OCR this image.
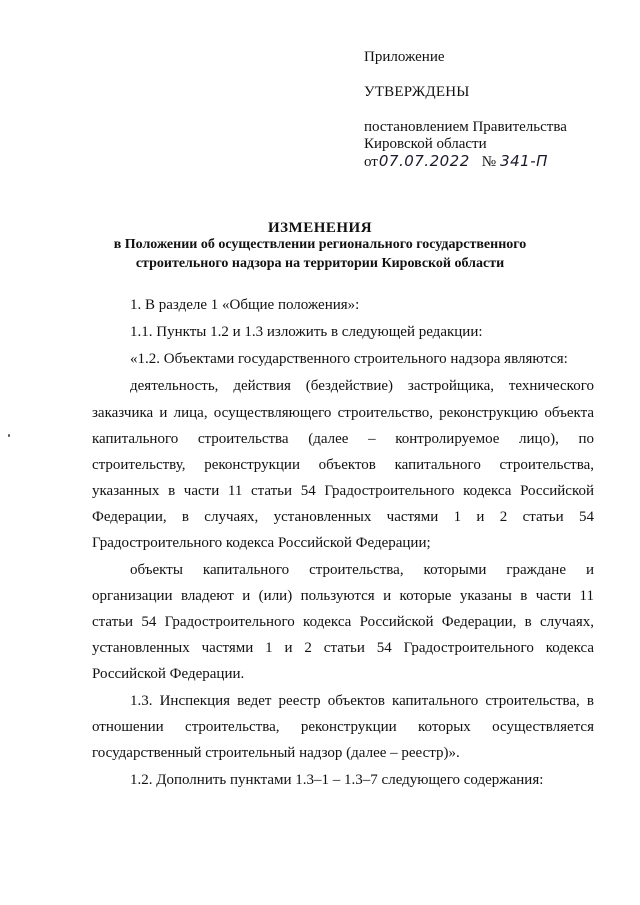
Приложение
УТВЕРЖДЕНЫ
постановлением Правительства
Кировской области
от 07.07.2022 № 341-П
ИЗМЕНЕНИЯ
в Положении об осуществлении регионального государственного
строительного надзора на территории Кировской области
1. В разделе 1 «Общие положения»:
1.1. Пункты 1.2 и 1.3 изложить в следующей редакции:
«1.2. Объектами государственного строительного надзора являются:
деятельность, действия (бездействие) застройщика, технического
заказчика и лица, осуществляющего строительство, реконструкцию объекта
капитального строительства (далее – контролируемое лицо), по
строительству, реконструкции объектов капитального строительства,
указанных в части 11 статьи 54 Градостроительного кодекса Российской
Федерации, в случаях, установленных частями 1 и 2 статьи 54
Градостроительного кодекса Российской Федерации;
объекты капитального строительства, которыми граждане и
организации владеют и (или) пользуются и которые указаны в части 11
статьи 54 Градостроительного кодекса Российской Федерации, в случаях,
установленных частями 1 и 2 статьи 54 Градостроительного кодекса
Российской Федерации.
1.3. Инспекция ведет реестр объектов капитального строительства, в
отношении строительства, реконструкции которых осуществляется
государственный строительный надзор (далее – реестр)».
1.2. Дополнить пунктами 1.3–1 – 1.3–7 следующего содержания:
